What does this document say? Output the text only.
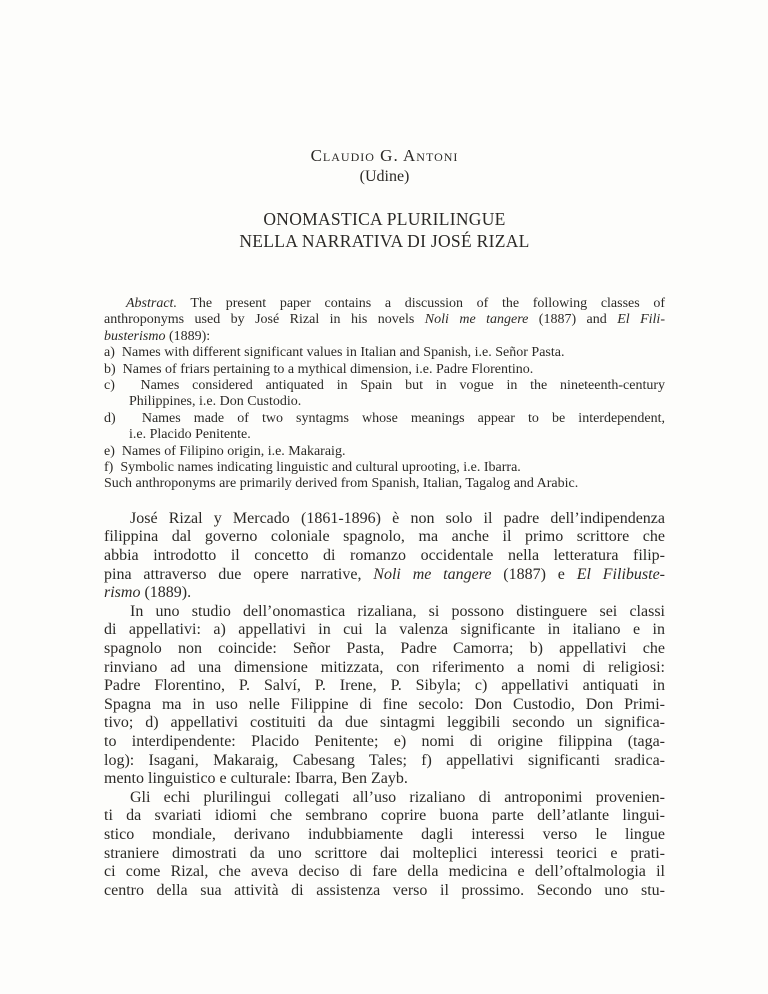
Claudio G. Antoni
(Udine)
ONOMASTICA PLURILINGUE
NELLA NARRATIVA DI JOSÉ RIZAL
Abstract. The present paper contains a discussion of the following classes of
anthroponyms used by José Rizal in his novels Noli me tangere (1887) and El Fili-
busterismo (1889):
a)  Names with different significant values in Italian and Spanish, i.e. Señor Pasta.
b)  Names of friars pertaining to a mythical dimension, i.e. Padre Florentino.
c)  Names considered antiquated in Spain but in vogue in the nineteenth-century
Philippines, i.e. Don Custodio.
d)  Names made of two syntagms whose meanings appear to be interdependent,
i.e. Placido Penitente.
e)  Names of Filipino origin, i.e. Makaraig.
f)  Symbolic names indicating linguistic and cultural uprooting, i.e. Ibarra.
Such anthroponyms are primarily derived from Spanish, Italian, Tagalog and Arabic.
José Rizal y Mercado (1861-1896) è non solo il padre dell’indipendenza
filippina dal governo coloniale spagnolo, ma anche il primo scrittore che
abbia introdotto il concetto di romanzo occidentale nella letteratura filip-
pina attraverso due opere narrative, Noli me tangere (1887) e El Filibuste-
rismo (1889).
In uno studio dell’onomastica rizaliana, si possono distinguere sei classi
di appellativi: a) appellativi in cui la valenza significante in italiano e in
spagnolo non coincide: Señor Pasta, Padre Camorra; b) appellativi che
rinviano ad una dimensione mitizzata, con riferimento a nomi di religiosi:
Padre Florentino, P. Salví, P. Irene, P. Sibyla; c) appellativi antiquati in
Spagna ma in uso nelle Filippine di fine secolo: Don Custodio, Don Primi-
tivo; d) appellativi costituiti da due sintagmi leggibili secondo un significa-
to interdipendente: Placido Penitente; e) nomi di origine filippina (taga-
log): Isagani, Makaraig, Cabesang Tales; f) appellativi significanti sradica-
mento linguistico e culturale: Ibarra, Ben Zayb.
Gli echi plurilingui collegati all’uso rizaliano di antroponimi provenien-
ti da svariati idiomi che sembrano coprire buona parte dell’atlante lingui-
stico mondiale, derivano indubbiamente dagli interessi verso le lingue
straniere dimostrati da uno scrittore dai molteplici interessi teorici e prati-
ci come Rizal, che aveva deciso di fare della medicina e dell’oftalmologia il
centro della sua attività di assistenza verso il prossimo. Secondo uno stu-
